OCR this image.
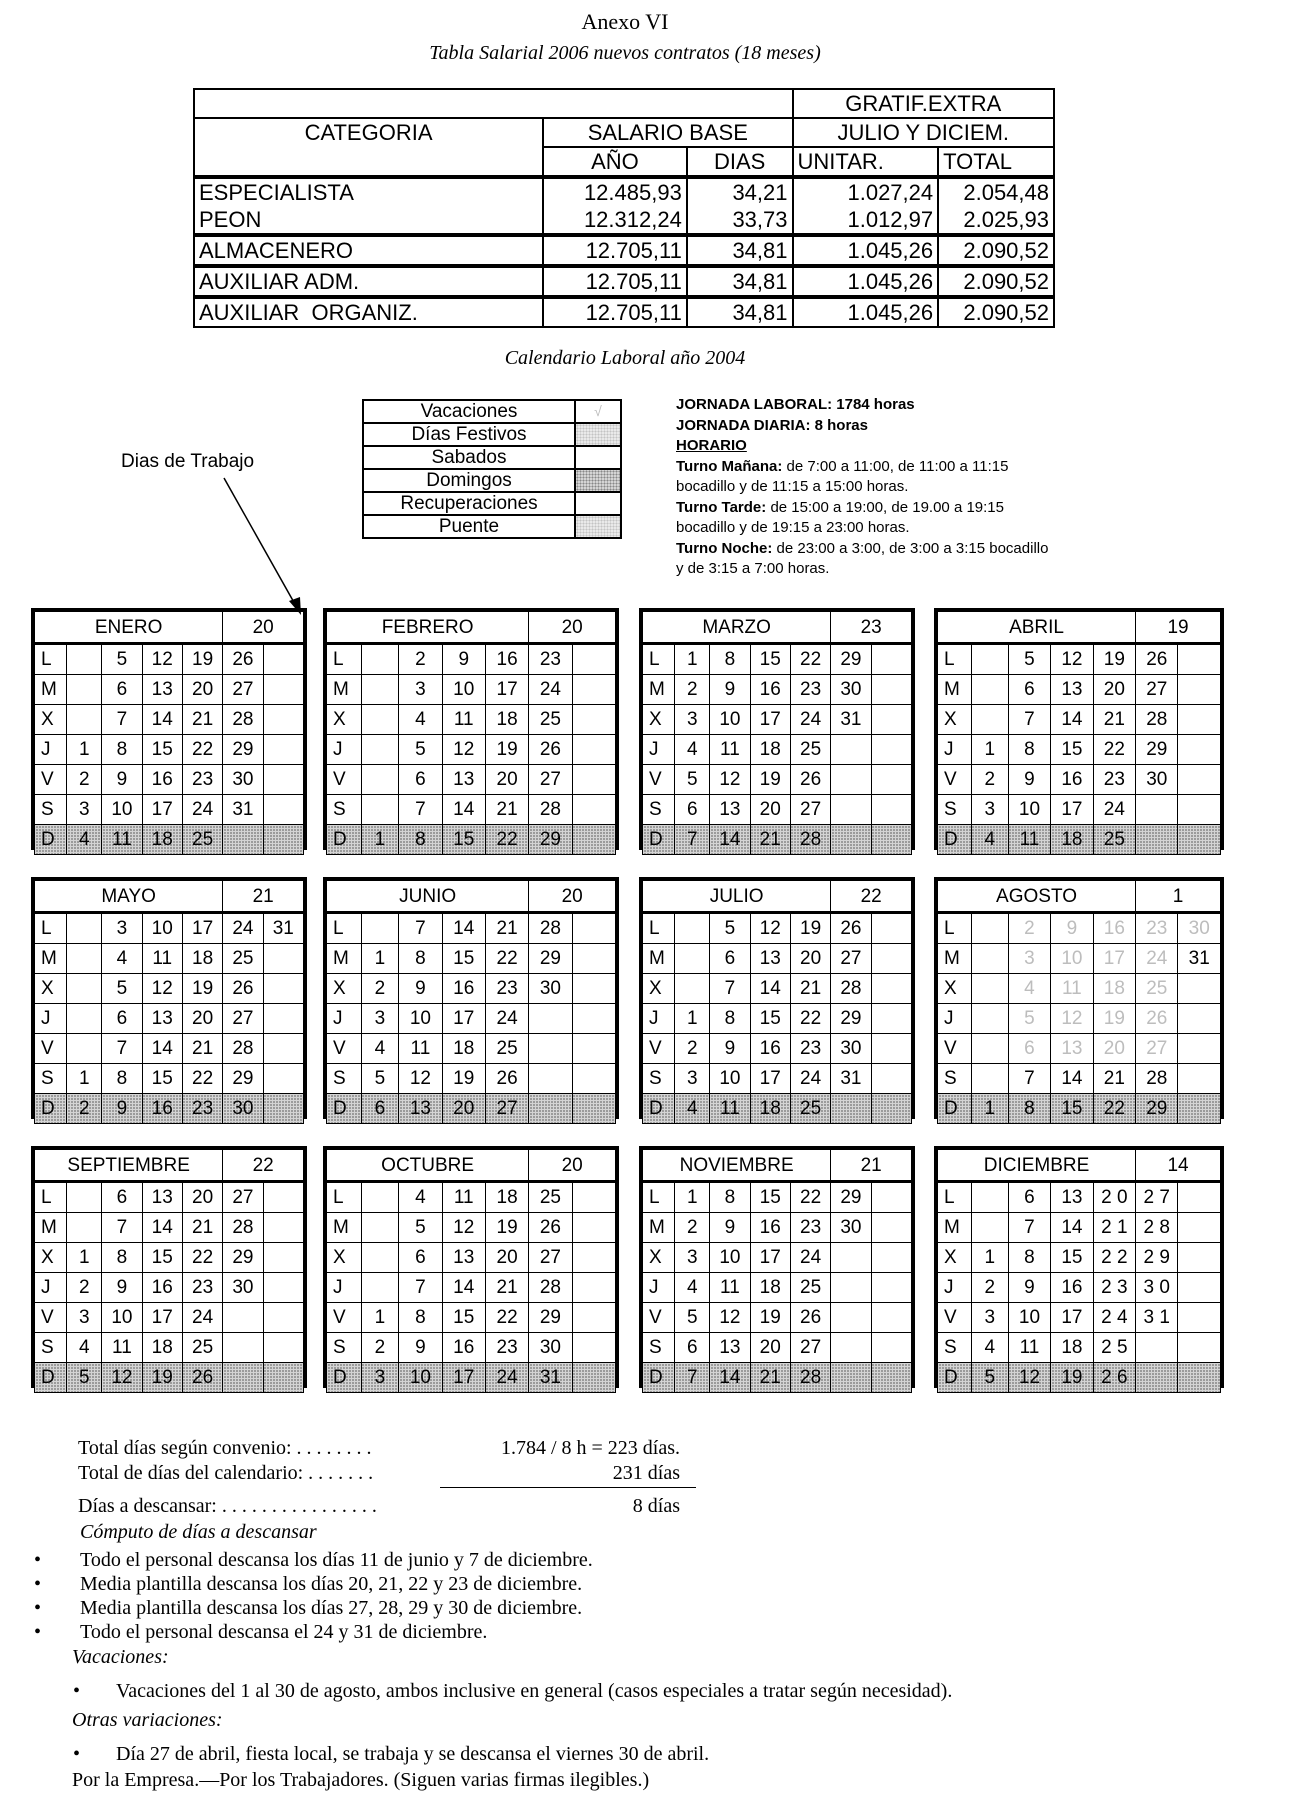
Anexo VI
Tabla Salarial 2006 nuevos contratos (18 meses)
			GRATIF.EXTRA	
CATEGORIA	SALARIO BASE		JULIO Y DICIEM.	
	AÑO	DIAS	UNITAR.	TOTAL
ESPECIALISTA	12.485,93	34,21	1.027,24	2.054,48
PEON	12.312,24	33,73	1.012,97	2.025,93
ALMACENERO	12.705,11	34,81	1.045,26	2.090,52
AUXILIAR ADM.	12.705,11	34,81	1.045,26	2.090,52
AUXILIAR  ORGANIZ.	12.705,11	34,81	1.045,26	2.090,52
Calendario Laboral año 2004
Vacaciones	√
Días Festivos	
Sabados	
Domingos	
Recuperaciones	
Puente	
Dias de Trabajo
JORNADA LABORAL: 1784 horas
JORNADA DIARIA: 8 horas
HORARIO
Turno Mañana: de 7:00 a 11:00, de 11:00 a 11:15
bocadillo y de 11:15 a 15:00 horas.
Turno Tarde: de 15:00 a 19:00, de 19.00 a 19:15
bocadillo y de 19:15 a 23:00 horas.
Turno Noche: de 23:00 a 3:00, de 3:00 a 3:15 bocadillo
y de 3:15 a 7:00 horas.
ENERO					20	
L		5	12	19	26	
M		6	13	20	27	
X		7	14	21	28	
J	1	8	15	22	29	
V	2	9	16	23	30	
S	3	10	17	24	31	
D	4	11	18	25		
FEBRERO					20	
L		2	9	16	23	
M		3	10	17	24	
X		4	11	18	25	
J		5	12	19	26	
V		6	13	20	27	
S		7	14	21	28	
D	1	8	15	22	29	
MARZO					23	
L	1	8	15	22	29	
M	2	9	16	23	30	
X	3	10	17	24	31	
J	4	11	18	25		
V	5	12	19	26		
S	6	13	20	27		
D	7	14	21	28		
ABRIL					19	
L		5	12	19	26	
M		6	13	20	27	
X		7	14	21	28	
J	1	8	15	22	29	
V	2	9	16	23	30	
S	3	10	17	24		
D	4	11	18	25		
MAYO					21	
L		3	10	17	24	31
M		4	11	18	25	
X		5	12	19	26	
J		6	13	20	27	
V		7	14	21	28	
S	1	8	15	22	29	
D	2	9	16	23	30	
JUNIO					20	
L		7	14	21	28	
M	1	8	15	22	29	
X	2	9	16	23	30	
J	3	10	17	24		
V	4	11	18	25		
S	5	12	19	26		
D	6	13	20	27		
JULIO					22	
L		5	12	19	26	
M		6	13	20	27	
X		7	14	21	28	
J	1	8	15	22	29	
V	2	9	16	23	30	
S	3	10	17	24	31	
D	4	11	18	25		
AGOSTO					1	
L		2	9	16	23	30
M		3	10	17	24	31
X		4	11	18	25	
J		5	12	19	26	
V		6	13	20	27	
S		7	14	21	28	
D	1	8	15	22	29	
SEPTIEMBRE					22	
L		6	13	20	27	
M		7	14	21	28	
X	1	8	15	22	29	
J	2	9	16	23	30	
V	3	10	17	24		
S	4	11	18	25		
D	5	12	19	26		
OCTUBRE					20	
L		4	11	18	25	
M		5	12	19	26	
X		6	13	20	27	
J		7	14	21	28	
V	1	8	15	22	29	
S	2	9	16	23	30	
D	3	10	17	24	31	
NOVIEMBRE					21	
L	1	8	15	22	29	
M	2	9	16	23	30	
X	3	10	17	24		
J	4	11	18	25		
V	5	12	19	26		
S	6	13	20	27		
D	7	14	21	28		
DICIEMBRE					14	
L		6	13	2 0	2 7	
M		7	14	2 1	2 8	
X	1	8	15	2 2	2 9	
J	2	9	16	2 3	3 0	
V	3	10	17	2 4	3 1	
S	4	11	18	2 5		
D	5	12	19	2 6		
Total días según convenio: . . . . . . . .	1.784 / 8 h = 223 días.
Total de días del calendario: . . . . . . .	231 días
Días a descansar: . . . . . . . . . . . . . . . .	8 días
Cómputo de días a descansar
• Todo el personal descansa los días 11 de junio y 7 de diciembre.
• Media plantilla descansa los días 20, 21, 22 y 23 de diciembre.
• Media plantilla descansa los días 27, 28, 29 y 30 de diciembre.
• Todo el personal descansa el 24 y 31 de diciembre.
Vacaciones:
• Vacaciones del 1 al 30 de agosto, ambos inclusive en general (casos especiales a tratar según necesidad).
Otras variaciones:
• Día 27 de abril, fiesta local, se trabaja y se descansa el viernes 30 de abril.
Por la Empresa.—Por los Trabajadores. (Siguen varias firmas ilegibles.)
